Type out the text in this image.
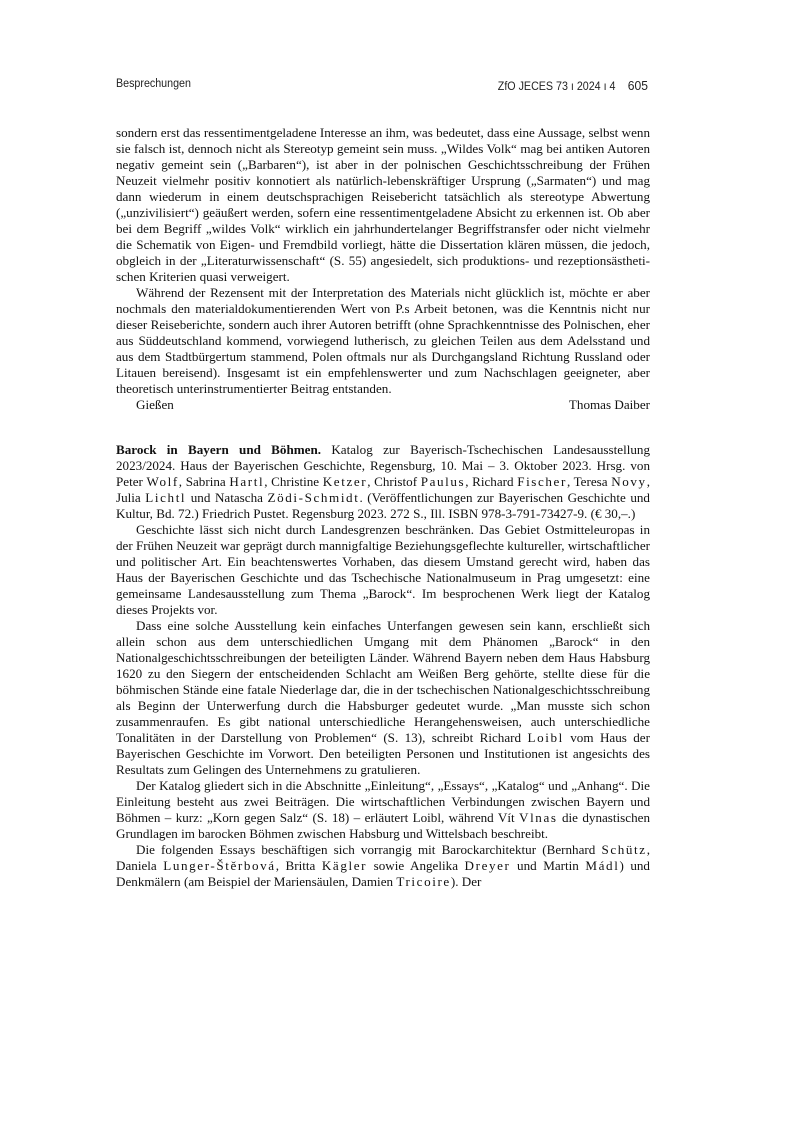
Besprechungen	ZfO JECES 73 ı 2024 ı 4 605

sondern erst das ressentimentgeladene Interesse an ihm, was bedeutet, dass eine Aussage, selbst wenn sie falsch ist, dennoch nicht als Stereotyp gemeint sein muss. „Wildes Volk“ mag bei antiken Autoren negativ gemeint sein („Barbaren“), ist aber in der polnischen Geschichtsschreibung der Frühen Neuzeit vielmehr positiv konnotiert als natürlich-lebenskräftiger Ursprung („Sarmaten“) und mag dann wiederum in einem deutschsprachigen Reisebericht tatsächlich als stereotype Abwertung („unzivilisiert“) geäußert werden, sofern eine ressentimentgeladene Absicht zu erkennen ist. Ob aber bei dem Begriff „wildes Volk“ wirklich ein jahrhundertelanger Begriffstransfer oder nicht vielmehr die Schematik von Eigen- und Fremdbild vorliegt, hätte die Dissertation klären müssen, die jedoch, obgleich in der „Literaturwissenschaft“ (S. 55) angesiedelt, sich produktions- und rezeptionsästhetischen Kriterien quasi verweigert.

Während der Rezensent mit der Interpretation des Materials nicht glücklich ist, möchte er aber nochmals den materialdokumentierenden Wert von P.s Arbeit betonen, was die Kenntnis nicht nur dieser Reiseberichte, sondern auch ihrer Autoren betrifft (ohne Sprachkenntnisse des Polnischen, eher aus Süddeutschland kommend, vorwiegend lutherisch, zu gleichen Teilen aus dem Adelsstand und aus dem Stadtbürgertum stammend, Polen oftmals nur als Durchgangsland Richtung Russland oder Litauen bereisend). Insgesamt ist ein empfehlenswerter und zum Nachschlagen geeigneter, aber theoretisch unterinstrumentierter Beitrag entstanden.

Gießen	Thomas Daiber

Barock in Bayern und Böhmen. Katalog zur Bayerisch-Tschechischen Landesausstellung 2023/2024. Haus der Bayerischen Geschichte, Regensburg, 10. Mai – 3. Oktober 2023. Hrsg. von Peter Wolf, Sabrina Hartl, Christine Ketzer, Christof Paulus, Richard Fischer, Teresa Novy, Julia Lichtl und Natascha Zödi-Schmidt. (Veröffentlichungen zur Bayerischen Geschichte und Kultur, Bd. 72.) Friedrich Pustet. Regensburg 2023. 272 S., Ill. ISBN 978-3-791-73427-9. (€ 30,–.)

Geschichte lässt sich nicht durch Landesgrenzen beschränken. Das Gebiet Ostmitteleuropas in der Frühen Neuzeit war geprägt durch mannigfaltige Beziehungsgeflechte kultureller, wirtschaftlicher und politischer Art. Ein beachtenswertes Vorhaben, das diesem Umstand gerecht wird, haben das Haus der Bayerischen Geschichte und das Tschechische Nationalmuseum in Prag umgesetzt: eine gemeinsame Landesausstellung zum Thema „Barock“. Im besprochenen Werk liegt der Katalog dieses Projekts vor.

Dass eine solche Ausstellung kein einfaches Unterfangen gewesen sein kann, erschließt sich allein schon aus dem unterschiedlichen Umgang mit dem Phänomen „Barock“ in den Nationalgeschichtsschreibungen der beteiligten Länder. Während Bayern neben dem Haus Habsburg 1620 zu den Siegern der entscheidenden Schlacht am Weißen Berg gehörte, stellte diese für die böhmischen Stände eine fatale Niederlage dar, die in der tschechischen Nationalgeschichtsschreibung als Beginn der Unterwerfung durch die Habsburger gedeutet wurde. „Man musste sich schon zusammenraufen. Es gibt national unterschiedliche Herangehensweisen, auch unterschiedliche Tonalitäten in der Darstellung von Problemen“ (S. 13), schreibt Richard Loibl vom Haus der Bayerischen Geschichte im Vorwort. Den beteiligten Personen und Institutionen ist angesichts des Resultats zum Gelingen des Unternehmens zu gratulieren.

Der Katalog gliedert sich in die Abschnitte „Einleitung“, „Essays“, „Katalog“ und „Anhang“. Die Einleitung besteht aus zwei Beiträgen. Die wirtschaftlichen Verbindungen zwischen Bayern und Böhmen – kurz: „Korn gegen Salz“ (S. 18) – erläutert Loibl, während Vít Vlnas die dynastischen Grundlagen im barocken Böhmen zwischen Habsburg und Wittelsbach beschreibt.

Die folgenden Essays beschäftigen sich vorrangig mit Barockarchitektur (Bernhard Schütz, Daniela Lunger-Štěrbová, Britta Kägler sowie Angelika Dreyer und Martin Mádl) und Denkmälern (am Beispiel der Mariensäulen, Damien Tricoire). Der
